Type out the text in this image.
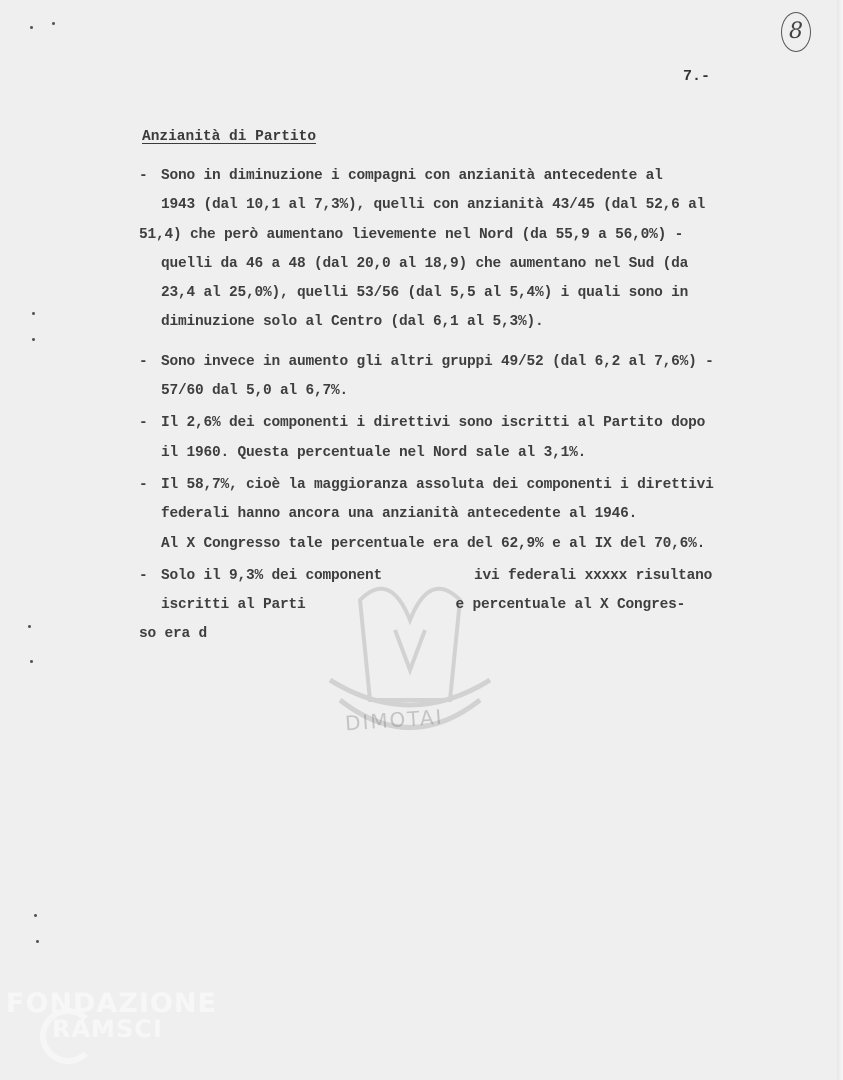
8
7.-
Anzianità di Partito
DIMOTAI
- Sono in diminuzione i compagni con anzianità antecedente al
1943 (dal 10,1 al 7,3%), quelli con anzianità 43/45 (dal 52,6 al
51,4) che però aumentano lievemente nel Nord (da 55,9 a 56,0%) -
quelli da 46 a 48 (dal 20,0 al 18,9) che aumentano nel Sud (da
23,4 al 25,0%), quelli 53/56 (dal 5,5 al 5,4%) i quali sono in
diminuzione solo al Centro (dal 6,1 al 5,3%).
- Sono invece in aumento gli altri gruppi 49/52 (dal 6,2 al 7,6%) -
57/60 dal 5,0 al 6,7%.
- Il 2,6% dei componenti i direttivi sono iscritti al Partito dopo
il 1960. Questa percentuale nel Nord sale al 3,1%.
- Il 58,7%, cioè la maggioranza assoluta dei componenti i direttivi
federali hanno ancora una anzianità antecedente al 1946.
Al X Congresso tale percentuale era del 62,9% e al IX del 70,6%.
- Solo il 9,3% dei component	ivi federali xxxxx risultano
iscritti al Parti	e percentuale al X Congres-
so era d
FONDAZIONE
RAMSCI
